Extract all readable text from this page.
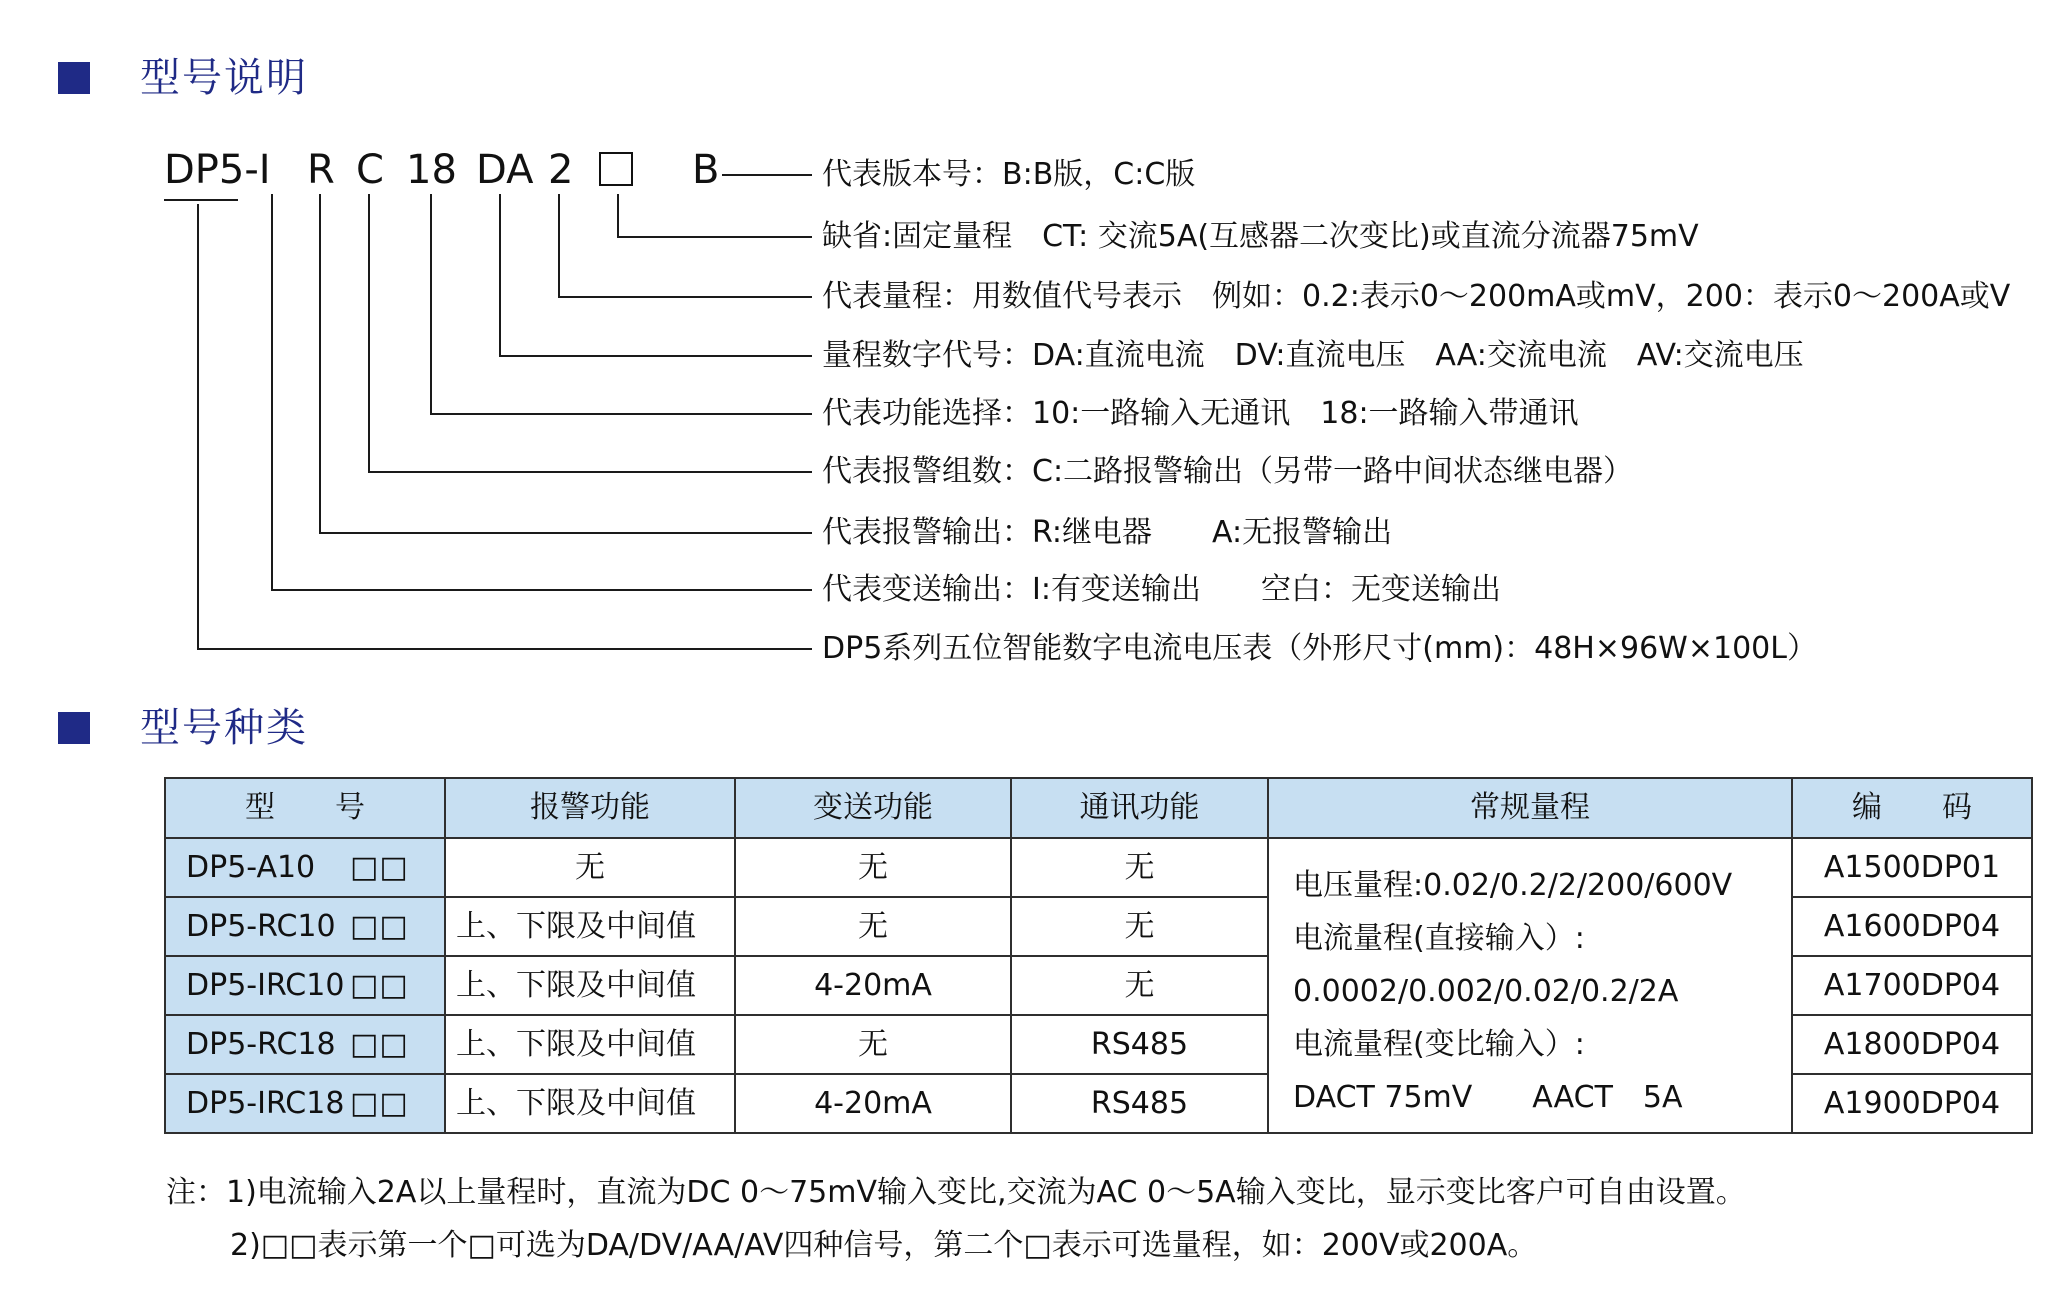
型号说明
DP5-I R C 18 DA 2	B	代表版本号：B:B版，C:C版
缺省:固定量程　CT: 交流5A(互感器二次变比)或直流分流器75mV
代表量程：用数值代号表示　例如：0.2:表示0～200mA或mV，200：表示0～200A或V
量程数字代号：DA:直流电流　DV:直流电压　AA:交流电流　AV:交流电压
代表功能选择：10:一路输入无通讯　18:一路输入带通讯
代表报警组数：C:二路报警输出（另带一路中间状态继电器）
代表报警输出：R:继电器　　A:无报警输出
代表变送输出：I:有变送输出　　空白：无变送输出
DP5系列五位智能数字电流电压表（外形尺寸(mm)：48H×96W×100L）
型号种类
型　　号	报警功能	变送功能	通讯功能	常规量程	编　　码
DP5-A10 □□	无	无	无	电压量程:0.02/0.2/2/200/600V
电流量程(直接输入）:
0.0002/0.002/0.02/0.2/2A
电流量程(变比输入）:
DACT 75mV　　AACT　5A	A1500DP01
DP5-RC10 □□	上、下限及中间值	无	无		A1600DP04
DP5-IRC10 □□	上、下限及中间值	4-20mA	无		A1700DP04
DP5-RC18 □□	上、下限及中间值	无	RS485		A1800DP04
DP5-IRC18 □□	上、下限及中间值	4-20mA	RS485		A1900DP04
注：1)电流输入2A以上量程时，直流为DC 0～75mV输入变比,交流为AC 0～5A输入变比，显示变比客户可自由设置。
2)□□表示第一个□可选为DA/DV/AA/AV四种信号，第二个□表示可选量程，如：200V或200A。
